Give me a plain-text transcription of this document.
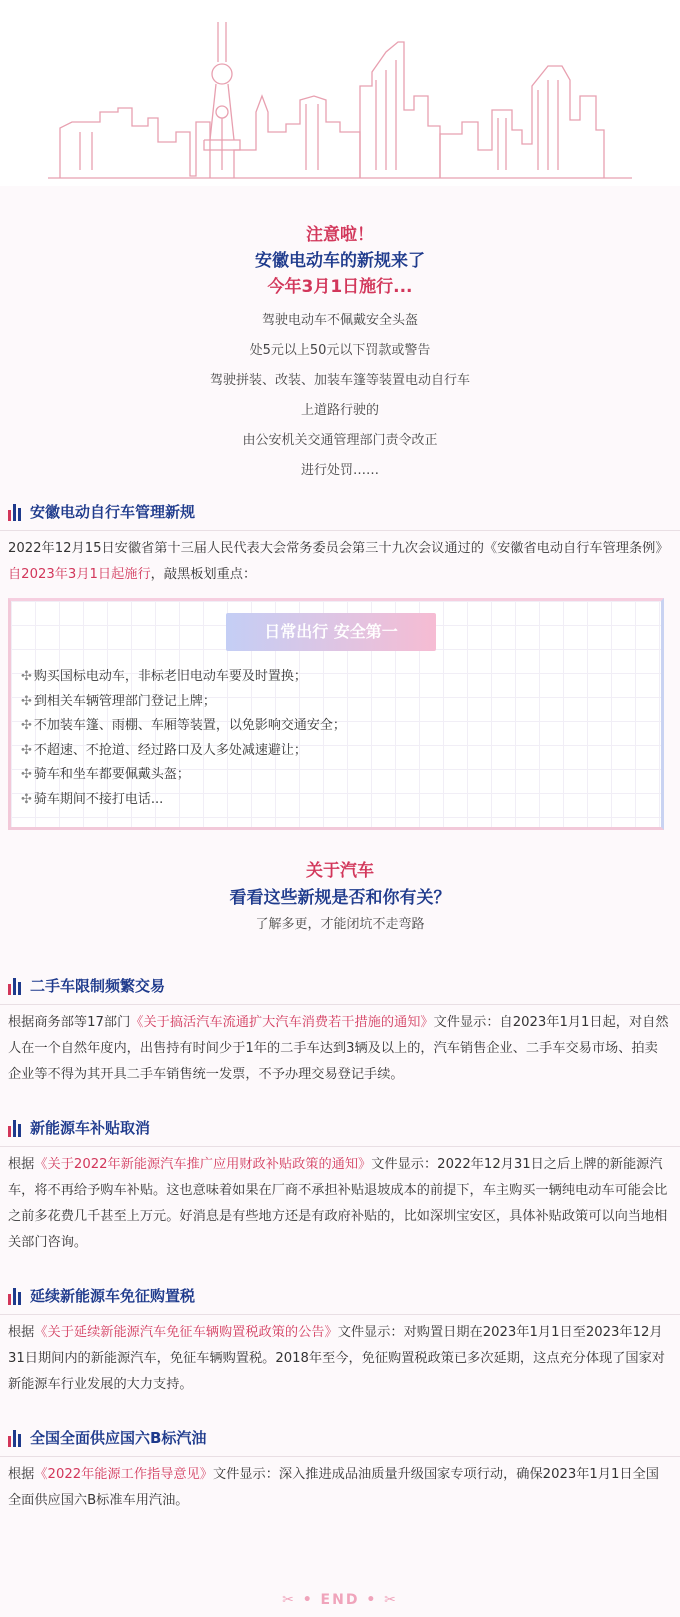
注意啦！
安徽电动车的新规来了
今年3月1日施行...
驾驶电动车不佩戴安全头盔
处5元以上50元以下罚款或警告
驾驶拼装、改装、加装车篷等装置电动自行车
上道路行驶的
由公安机关交通管理部门责令改正
进行处罚……
安徽电动自行车管理新规
2022年12月15日安徽省第十三届人民代表大会常务委员会第三十九次会议通过的《安徽省电动自行车管理条例》自2023年3月1日起施行，敲黑板划重点：
日常出行 安全第一
✣ 购买国标电动车，非标老旧电动车要及时置换；
✣ 到相关车辆管理部门登记上牌；
✣ 不加装车篷、雨棚、车厢等装置，以免影响交通安全；
✣ 不超速、不抢道、经过路口及人多处减速避让；
✣ 骑车和坐车都要佩戴头盔；
✣ 骑车期间不接打电话...
关于汽车
看看这些新规是否和你有关？
了解多更，才能闭坑不走弯路
二手车限制频繁交易
根据商务部等17部门《关于搞活汽车流通扩大汽车消费若干措施的通知》文件显示：自2023年1月1日起，对自然人在一个自然年度内，出售持有时间少于1年的二手车达到3辆及以上的，汽车销售企业、二手车交易市场、拍卖企业等不得为其开具二手车销售统一发票，不予办理交易登记手续。
新能源车补贴取消
根据《关于2022年新能源汽车推广应用财政补贴政策的通知》文件显示：2022年12月31日之后上牌的新能源汽车，将不再给予购车补贴。这也意味着如果在厂商不承担补贴退坡成本的前提下，车主购买一辆纯电动车可能会比之前多花费几千甚至上万元。好消息是有些地方还是有政府补贴的，比如深圳宝安区，具体补贴政策可以向当地相关部门咨询。
延续新能源车免征购置税
根据《关于延续新能源汽车免征车辆购置税政策的公告》文件显示：对购置日期在2023年1月1日至2023年12月31日期间内的新能源汽车，免征车辆购置税。2018年至今，免征购置税政策已多次延期，这点充分体现了国家对新能源车行业发展的大力支持。
全国全面供应国六B标汽油
根据《2022年能源工作指导意见》文件显示：深入推进成品油质量升级国家专项行动，确保2023年1月1日全国全面供应国六B标准车用汽油。
✂ • END • ✂
